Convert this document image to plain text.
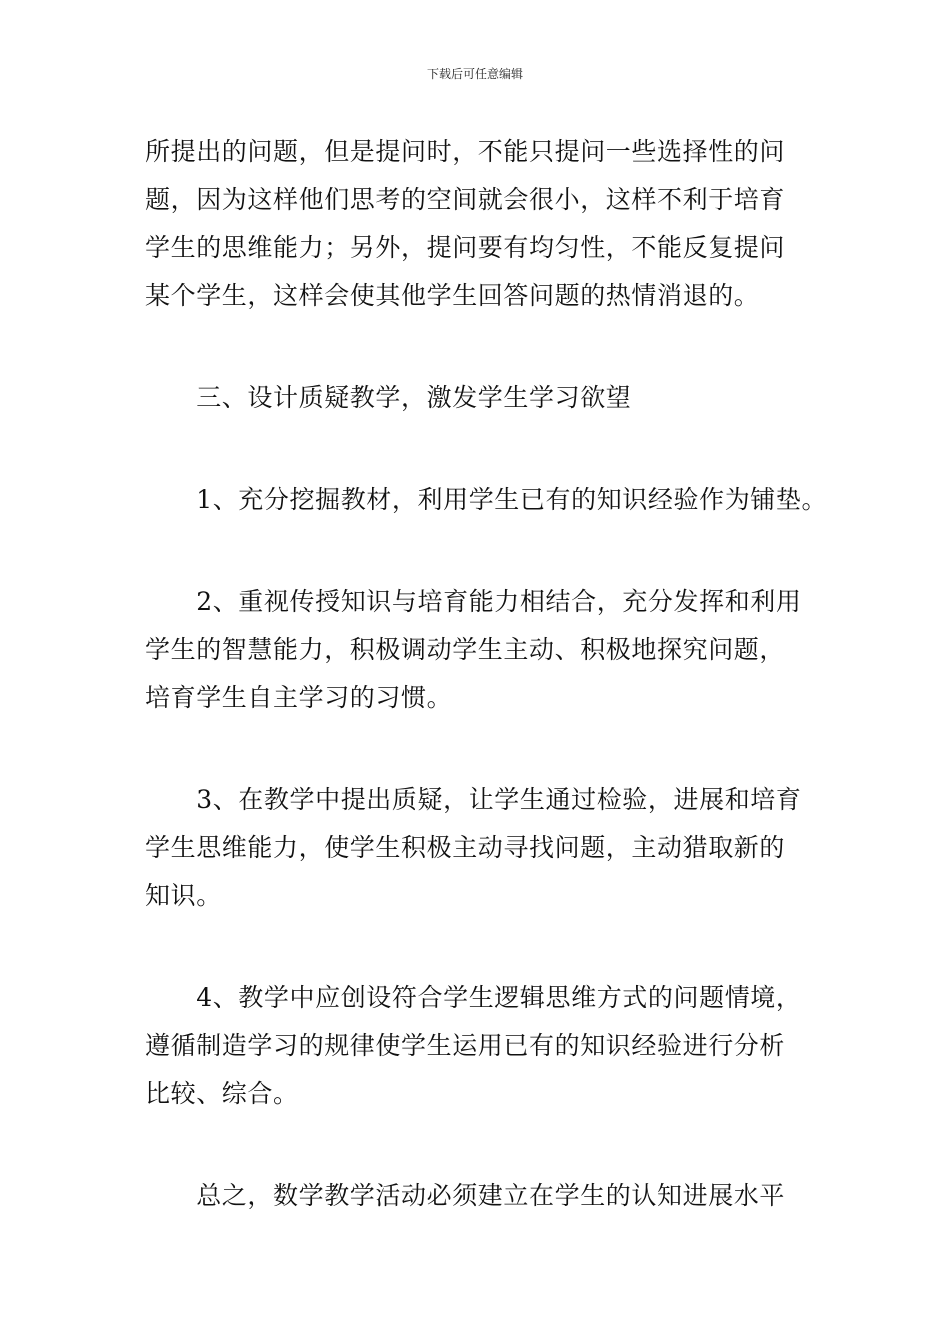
下载后可任意编辑

所提出的问题，但是提问时，不能只提问一些选择性的问
题，因为这样他们思考的空间就会很小，这样不利于培育
学生的思维能力；另外，提问要有均匀性，不能反复提问
某个学生，这样会使其他学生回答问题的热情消退的。

　　三、设计质疑教学，激发学生学习欲望

　　1、充分挖掘教材，利用学生已有的知识经验作为铺垫。

　　2、重视传授知识与培育能力相结合，充分发挥和利用
学生的智慧能力，积极调动学生主动、积极地探究问题，
培育学生自主学习的习惯。

　　3、在教学中提出质疑，让学生通过检验，进展和培育
学生思维能力，使学生积极主动寻找问题，主动猎取新的
知识。

　　4、教学中应创设符合学生逻辑思维方式的问题情境，
遵循制造学习的规律使学生运用已有的知识经验进行分析
比较、综合。

　　总之，数学教学活动必须建立在学生的认知进展水平
